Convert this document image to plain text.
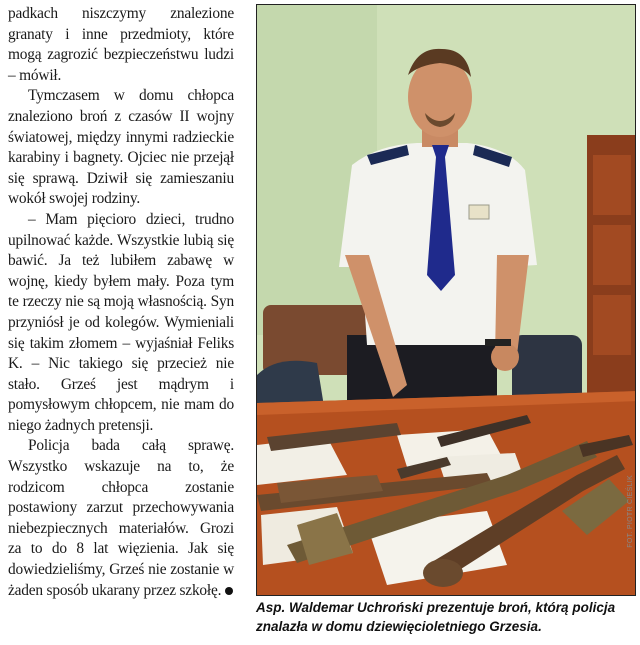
padkach niszczymy znalezione granaty i inne przedmioty, które mogą zagrozić bezpieczeństwu ludzi – mówił.

Tymczasem w domu chłopca znaleziono broń z czasów II wojny światowej, między innymi radzieckie karabiny i bagnety. Ojciec nie przejął się sprawą. Dziwił się zamieszaniu wokół swojej rodziny.

– Mam pięcioro dzieci, trudno upilnować każde. Wszystkie lubią się bawić. Ja też lubiłem zabawę w wojnę, kiedy byłem mały. Poza tym te rzeczy nie są moją własnością. Syn przyniósł je od kolegów. Wymieniali się takim złomem – wyjaśniał Feliks K. – Nic takiego się przecież nie stało. Grześ jest mądrym i pomysłowym chłopcem, nie mam do niego żadnych pretensji.

Policja bada całą sprawę. Wszystko wskazuje na to, że rodzicom chłopca zostanie postawiony zarzut przechowywania niebezpiecznych materiałów. Grozi za to do 8 lat więzienia. Jak się dowiedzieliśmy, Grześ nie zostanie w żaden sposób ukarany przez szkołę.

FOT. PIOTR CIEŚLIK
Asp. Waldemar Uchroński prezentuje broń, którą policja znalazła w domu dziewięcioletniego Grzesia.
